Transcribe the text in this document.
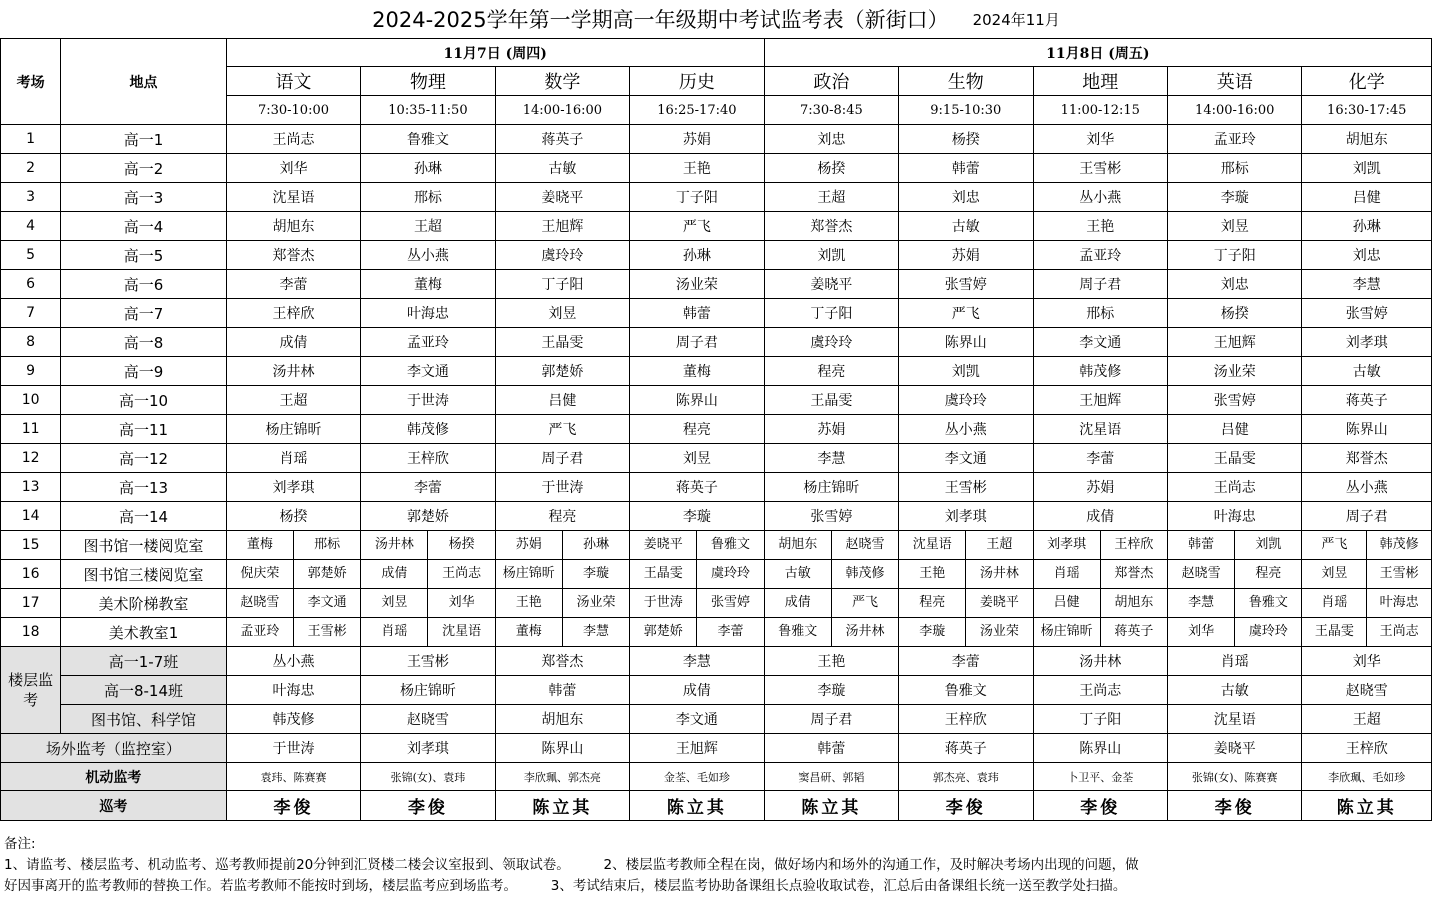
2024-2025学年第一学期高一年级期中考试监考表（新街口） 2024年11月
考场	地点	11月7日 (周四)				11月8日 (周五)				
		语文	物理	数学	历史	政治	生物	地理	英语	化学
		7:30-10:00	10:35-11:50	14:00-16:00	16:25-17:40	7:30-8:45	9:15-10:30	11:00-12:15	14:00-16:00	16:30-17:45
1	高一1	王尚志	鲁雅文	蒋英子	苏娟	刘忠	杨揆	刘华	孟亚玲	胡旭东
2	高一2	刘华	孙琳	古敏	王艳	杨揆	韩蕾	王雪彬	邢标	刘凯
3	高一3	沈星语	邢标	姜晓平	丁子阳	王超	刘忠	丛小燕	李璇	吕健
4	高一4	胡旭东	王超	王旭辉	严飞	郑誉杰	古敏	王艳	刘昱	孙琳
5	高一5	郑誉杰	丛小燕	虞玲玲	孙琳	刘凯	苏娟	孟亚玲	丁子阳	刘忠
6	高一6	李蕾	董梅	丁子阳	汤业荣	姜晓平	张雪婷	周子君	刘忠	李慧
7	高一7	王梓欣	叶海忠	刘昱	韩蕾	丁子阳	严飞	邢标	杨揆	张雪婷
8	高一8	成倩	孟亚玲	王晶雯	周子君	虞玲玲	陈界山	李文通	王旭辉	刘孝琪
9	高一9	汤井林	李文通	郭楚娇	董梅	程亮	刘凯	韩茂修	汤业荣	古敏
10	高一10	王超	于世涛	吕健	陈界山	王晶雯	虞玲玲	王旭辉	张雪婷	蒋英子
11	高一11	杨庄锦昕	韩茂修	严飞	程亮	苏娟	丛小燕	沈星语	吕健	陈界山
12	高一12	肖瑶	王梓欣	周子君	刘昱	李慧	李文通	李蕾	王晶雯	郑誉杰
13	高一13	刘孝琪	李蕾	于世涛	蒋英子	杨庄锦昕	王雪彬	苏娟	王尚志	丛小燕
14	高一14	杨揆	郭楚娇	程亮	李璇	张雪婷	刘孝琪	成倩	叶海忠	周子君
15	图书馆一楼阅览室	董梅 邢标	汤井林 杨揆	苏娟 孙琳	姜晓平 鲁雅文	胡旭东 赵晓雪	沈星语 王超	刘孝琪 王梓欣	韩蕾 刘凯	严飞 韩茂修

16	图书馆三楼阅览室	倪庆荣 郭楚娇	成倩 王尚志	杨庄锦昕 李璇	王晶雯 虞玲玲	古敏 韩茂修	王艳 汤井林	肖瑶 郑誉杰	赵晓雪 程亮	刘昱 王雪彬

17	美术阶梯教室	赵晓雪 李文通	刘昱 刘华	王艳 汤业荣	于世涛 张雪婷	成倩 严飞	程亮 姜晓平	吕健 胡旭东	李慧 鲁雅文	肖瑶 叶海忠

18	美术教室1	孟亚玲 王雪彬	肖瑶 沈星语	董梅 李慧	郭楚娇 李蕾	鲁雅文 汤井林	李璇 汤业荣	杨庄锦昕 蒋英子	刘华 虞玲玲	王晶雯 王尚志

楼层监考	高一1-7班	丛小燕	王雪彬	郑誉杰	李慧	王艳	李蕾	汤井林	肖瑶	刘华
	高一8-14班	叶海忠	杨庄锦昕	韩蕾	成倩	李璇	鲁雅文	王尚志	古敏	赵晓雪
	图书馆、科学馆	韩茂修	赵晓雪	胡旭东	李文通	周子君	王梓欣	丁子阳	沈星语	王超
场外监考（监控室）		于世涛	刘孝琪	陈界山	王旭辉	韩蕾	蒋英子	陈界山	姜晓平	王梓欣
机动监考		袁玮、陈赛赛	张锦(女)、袁玮	李欣珮、郭杰亮	金荃、毛如珍	窦昌研、郭韬	郭杰亮、袁玮	卜卫平、金荃	张锦(女)、陈赛赛	李欣珮、毛如珍
巡考		李俊	李俊	陈立其	陈立其	陈立其	李俊	李俊	李俊	陈立其

备注:

1、请监考、楼层监考、机动监考、巡考教师提前20分钟到汇贤楼二楼会议室报到、领取试卷。　　　2、楼层监考教师全程在岗，做好场内和场外的沟通工作，及时解决考场内出现的问题，做

好因事离开的监考教师的替换工作。若监考教师不能按时到场，楼层监考应到场监考。　　　3、考试结束后，楼层监考协助备课组长点验收取试卷，汇总后由备课组长统一送至教学处扫描。
